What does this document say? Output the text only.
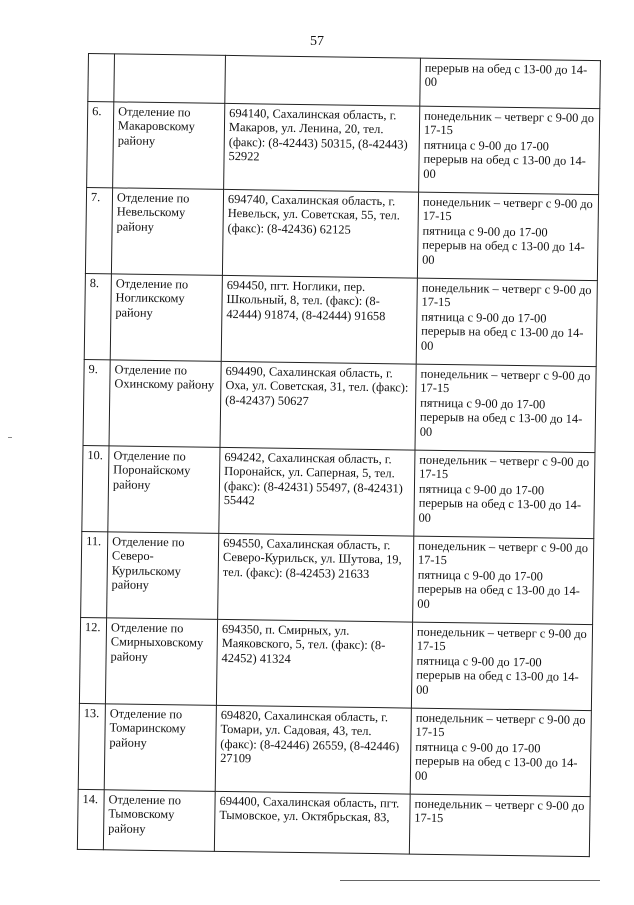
57

			перерыв на обед с 13-00 до 14-00

6.	Отделение по Макаровскому району	694140, Сахалинская область, г. Макаров, ул. Ленина, 20, тел. (факс): (8-42443) 50315, (8-42443) 52922	понедельник – четверг с 9-00 до 17-15
пятница с 9-00 до 17-00
перерыв на обед с 13-00 до 14-00

7.	Отделение по Невельскому району	694740, Сахалинская область, г. Невельск, ул. Советская, 55, тел. (факс): (8-42436) 62125	понедельник – четверг с 9-00 до 17-15
пятница с 9-00 до 17-00
перерыв на обед с 13-00 до 14-00

8.	Отделение по Ногликскому району	694450, пгт. Ноглики, пер. Школьный, 8, тел. (факс): (8-42444) 91874, (8-42444) 91658	понедельник – четверг с 9-00 до 17-15
пятница с 9-00 до 17-00
перерыв на обед с 13-00 до 14-00

9.	Отделение по Охинскому району	694490, Сахалинская область, г. Оха, ул. Советская, 31, тел. (факс): (8-42437) 50627	понедельник – четверг с 9-00 до 17-15
пятница с 9-00 до 17-00
перерыв на обед с 13-00 до 14-00

10.	Отделение по Поронайскому району	694242, Сахалинская область, г. Поронайск, ул. Саперная, 5, тел. (факс): (8-42431) 55497, (8-42431) 55442	понедельник – четверг с 9-00 до 17-15
пятница с 9-00 до 17-00
перерыв на обед с 13-00 до 14-00

11.	Отделение по Северо-Курильскому району	694550, Сахалинская область, г. Северо-Курильск, ул. Шутова, 19, тел. (факс): (8-42453) 21633	понедельник – четверг с 9-00 до 17-15
пятница с 9-00 до 17-00
перерыв на обед с 13-00 до 14-00

12.	Отделение по Смирныховскому району	694350, п. Смирных, ул. Маяковского, 5, тел. (факс): (8-42452) 41324	понедельник – четверг с 9-00 до 17-15
пятница с 9-00 до 17-00
перерыв на обед с 13-00 до 14-00

13.	Отделение по Томаринскому району	694820, Сахалинская область, г. Томари, ул. Садовая, 43, тел. (факс): (8-42446) 26559, (8-42446) 27109	понедельник – четверг с 9-00 до 17-15
пятница с 9-00 до 17-00
перерыв на обед с 13-00 до 14-00

14.	Отделение по Тымовскому району	694400, Сахалинская область, пгт. Тымовское, ул. Октябрьская, 83,	понедельник – четверг с 9-00 до 17-15
